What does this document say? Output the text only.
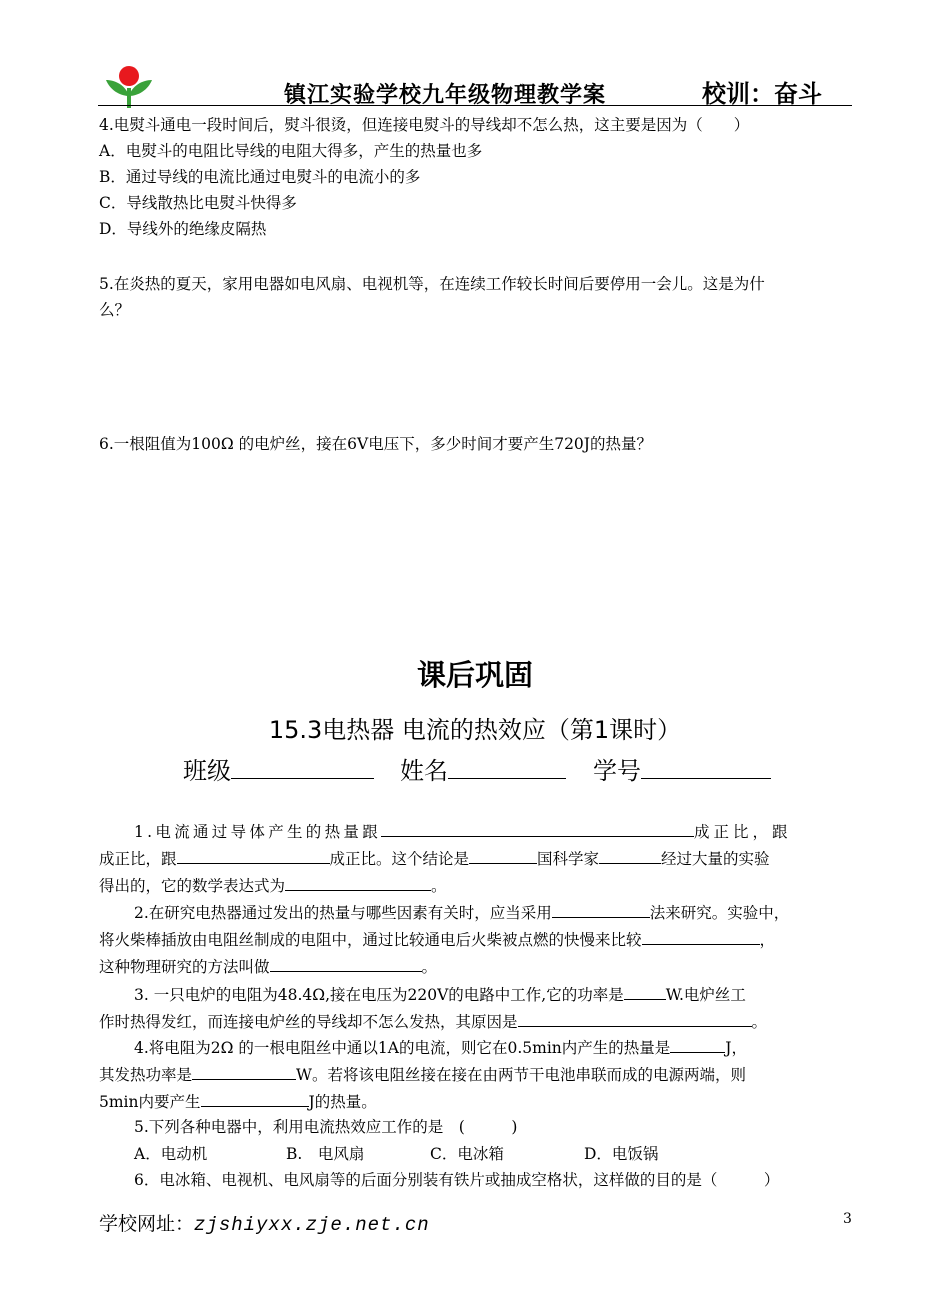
镇江实验学校九年级物理教学案	校训：奋斗
4.电熨斗通电一段时间后，熨斗很烫，但连接电熨斗的导线却不怎么热，这主要是因为（　　）
A．电熨斗的电阻比导线的电阻大得多，产生的热量也多
B．通过导线的电流比通过电熨斗的电流小的多
C．导线散热比电熨斗快得多
D．导线外的绝缘皮隔热
5.在炎热的夏天，家用电器如电风扇、电视机等，在连续工作较长时间后要停用一会儿。这是为什
么？
6.一根阻值为100Ω 的电炉丝，接在6V电压下，多少时间才要产生720J的热量？
课后巩固
15.3电热器 电流的热效应（第1课时）
班级	姓名	学号
1.电流通过导体产生的热量跟	成正比，跟
成正比，跟	成正比。这个结论是	国科学家	经过大量的实验
得出的，它的数学表达式为	。
2.在研究电热器通过发出的热量与哪些因素有关时，应当采用	法来研究。实验中，
将火柴棒插放由电阻丝制成的电阻中，通过比较通电后火柴被点燃的快慢来比较	，
这种物理研究的方法叫做	。
3. 一只电炉的电阻为48.4Ω,接在电压为220V的电路中工作,它的功率是	W.电炉丝工
作时热得发红，而连接电炉丝的导线却不怎么发热，其原因是	。
4.将电阻为2Ω 的一根电阻丝中通以1A的电流，则它在0.5min内产生的热量是	J，
其发热功率是	W。若将该电阻丝接在接在由两节干电池串联而成的电源两端，则
5min内要产生	J的热量。
5.下列各种电器中，利用电流热效应工作的是　(　　　)
A．电动机	B.　电风扇	C．电冰箱	D．电饭锅
6．电冰箱、电视机、电风扇等的后面分别装有铁片或抽成空格状，这样做的目的是（　　　）
学校网址：zjshiyxx.zje.net.cn	3
